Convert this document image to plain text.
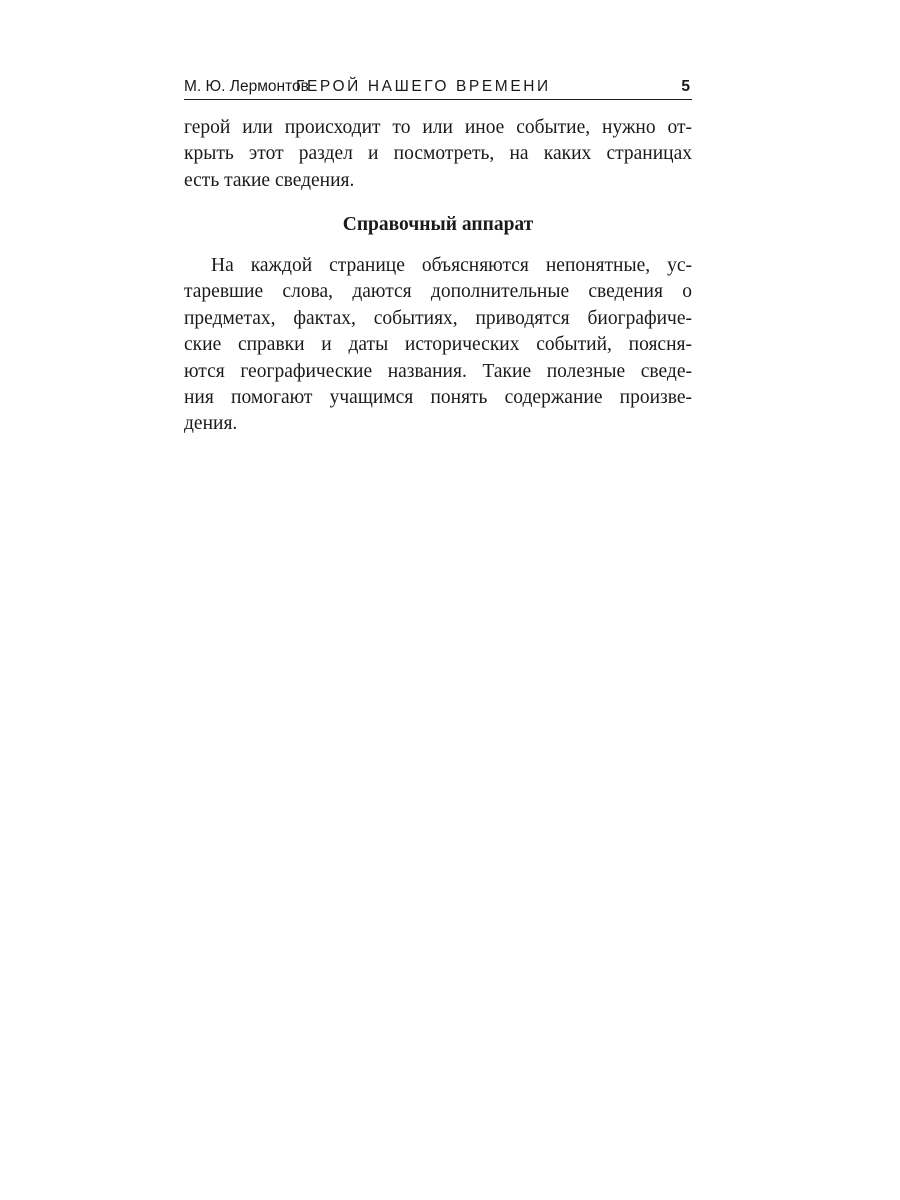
М. Ю. Лермонтов
ГЕРОЙ НАШЕГО ВРЕМЕНИ	5
герой или происходит то или иное событие, нужно от-
крыть этот раздел и посмотреть, на каких страницах
есть такие сведения.
Справочный аппарат
На каждой странице объясняются непонятные, ус-
таревшие слова, даются дополнительные сведения о
предметах, фактах, событиях, приводятся биографиче-
ские справки и даты исторических событий, поясня-
ются географические названия. Такие полезные сведе-
ния помогают учащимся понять содержание произве-
дения.
